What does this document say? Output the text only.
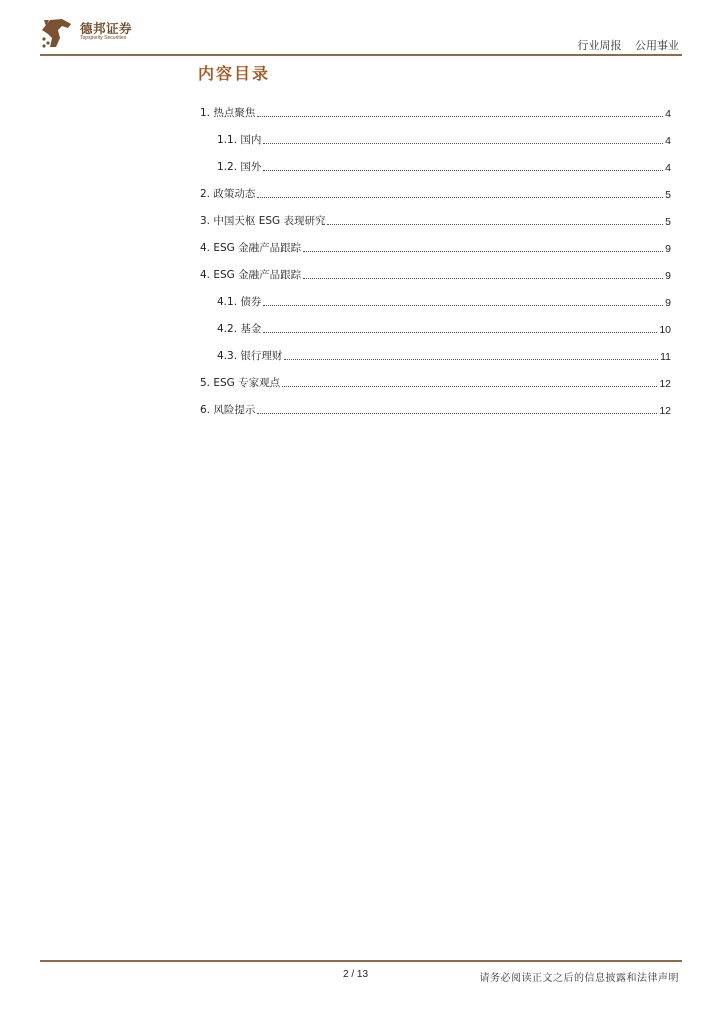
德邦证券
Topsperity Securities
行业周报 公用事业
内容目录
1. 热点聚焦	4
1.1. 国内	4
1.2. 国外	4
2. 政策动态	5
3. 中国天枢 ESG 表现研究	5
4. ESG 金融产品跟踪	9
4. ESG 金融产品跟踪	9
4.1. 债券	9
4.2. 基金	10
4.3. 银行理财	11
5. ESG 专家观点	12
6. 风险提示	12
2 / 13	请务必阅读正文之后的信息披露和法律声明
